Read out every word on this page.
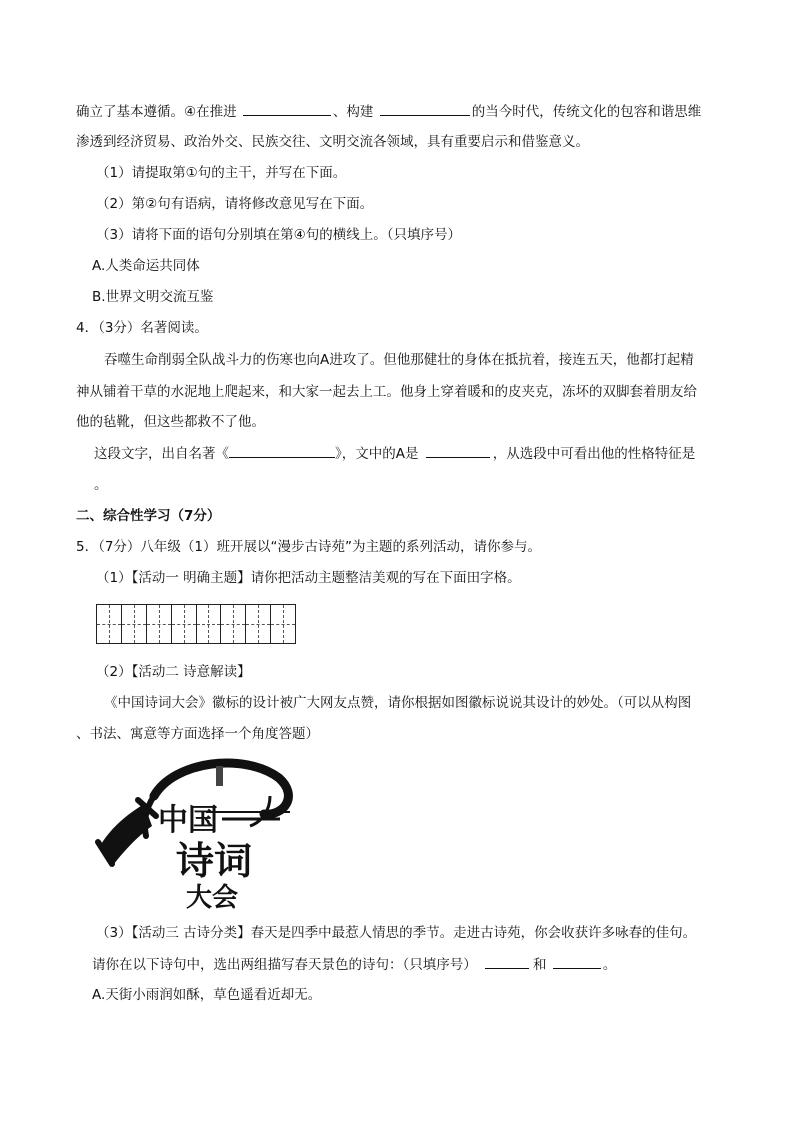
确立了基本遵循。④在推进	、构建	的当今时代，传统文化的包容和谐思维
渗透到经济贸易、政治外交、民族交往、文明交流各领域，具有重要启示和借鉴意义。
（1）请提取第①句的主干，并写在下面。
（2）第②句有语病，请将修改意见写在下面。
（3）请将下面的语句分别填在第④句的横线上。（只填序号）
A.人类命运共同体
B.世界文明交流互鉴
4．（3分）名著阅读。
吞噬生命削弱全队战斗力的伤寒也向A进攻了。但他那健壮的身体在抵抗着，接连五天，他都打起精
神从铺着干草的水泥地上爬起来，和大家一起去上工。他身上穿着暖和的皮夹克，冻坏的双脚套着朋友给
他的毡靴，但这些都救不了他。
这段文字，出自名著《	》，文中的A是	，从选段中可看出他的性格特征是
。
二、综合性学习（7分）
5．（7分）八年级（1）班开展以“漫步古诗苑”为主题的系列活动，请你参与。
（1）【活动一 明确主题】请你把活动主题整洁美观的写在下面田字格。
（2）【活动二 诗意解读】
《中国诗词大会》徽标的设计被广大网友点赞，请你根据如图徽标说说其设计的妙处。（可以从构图
、书法、寓意等方面选择一个角度答题）
中国
诗词
大会
（3）【活动三 古诗分类】春天是四季中最惹人情思的季节。走进古诗苑，你会收获许多咏春的佳句。
请你在以下诗句中，选出两组描写春天景色的诗句：（只填序号）	和	。
A.天街小雨润如酥，草色遥看近却无。
